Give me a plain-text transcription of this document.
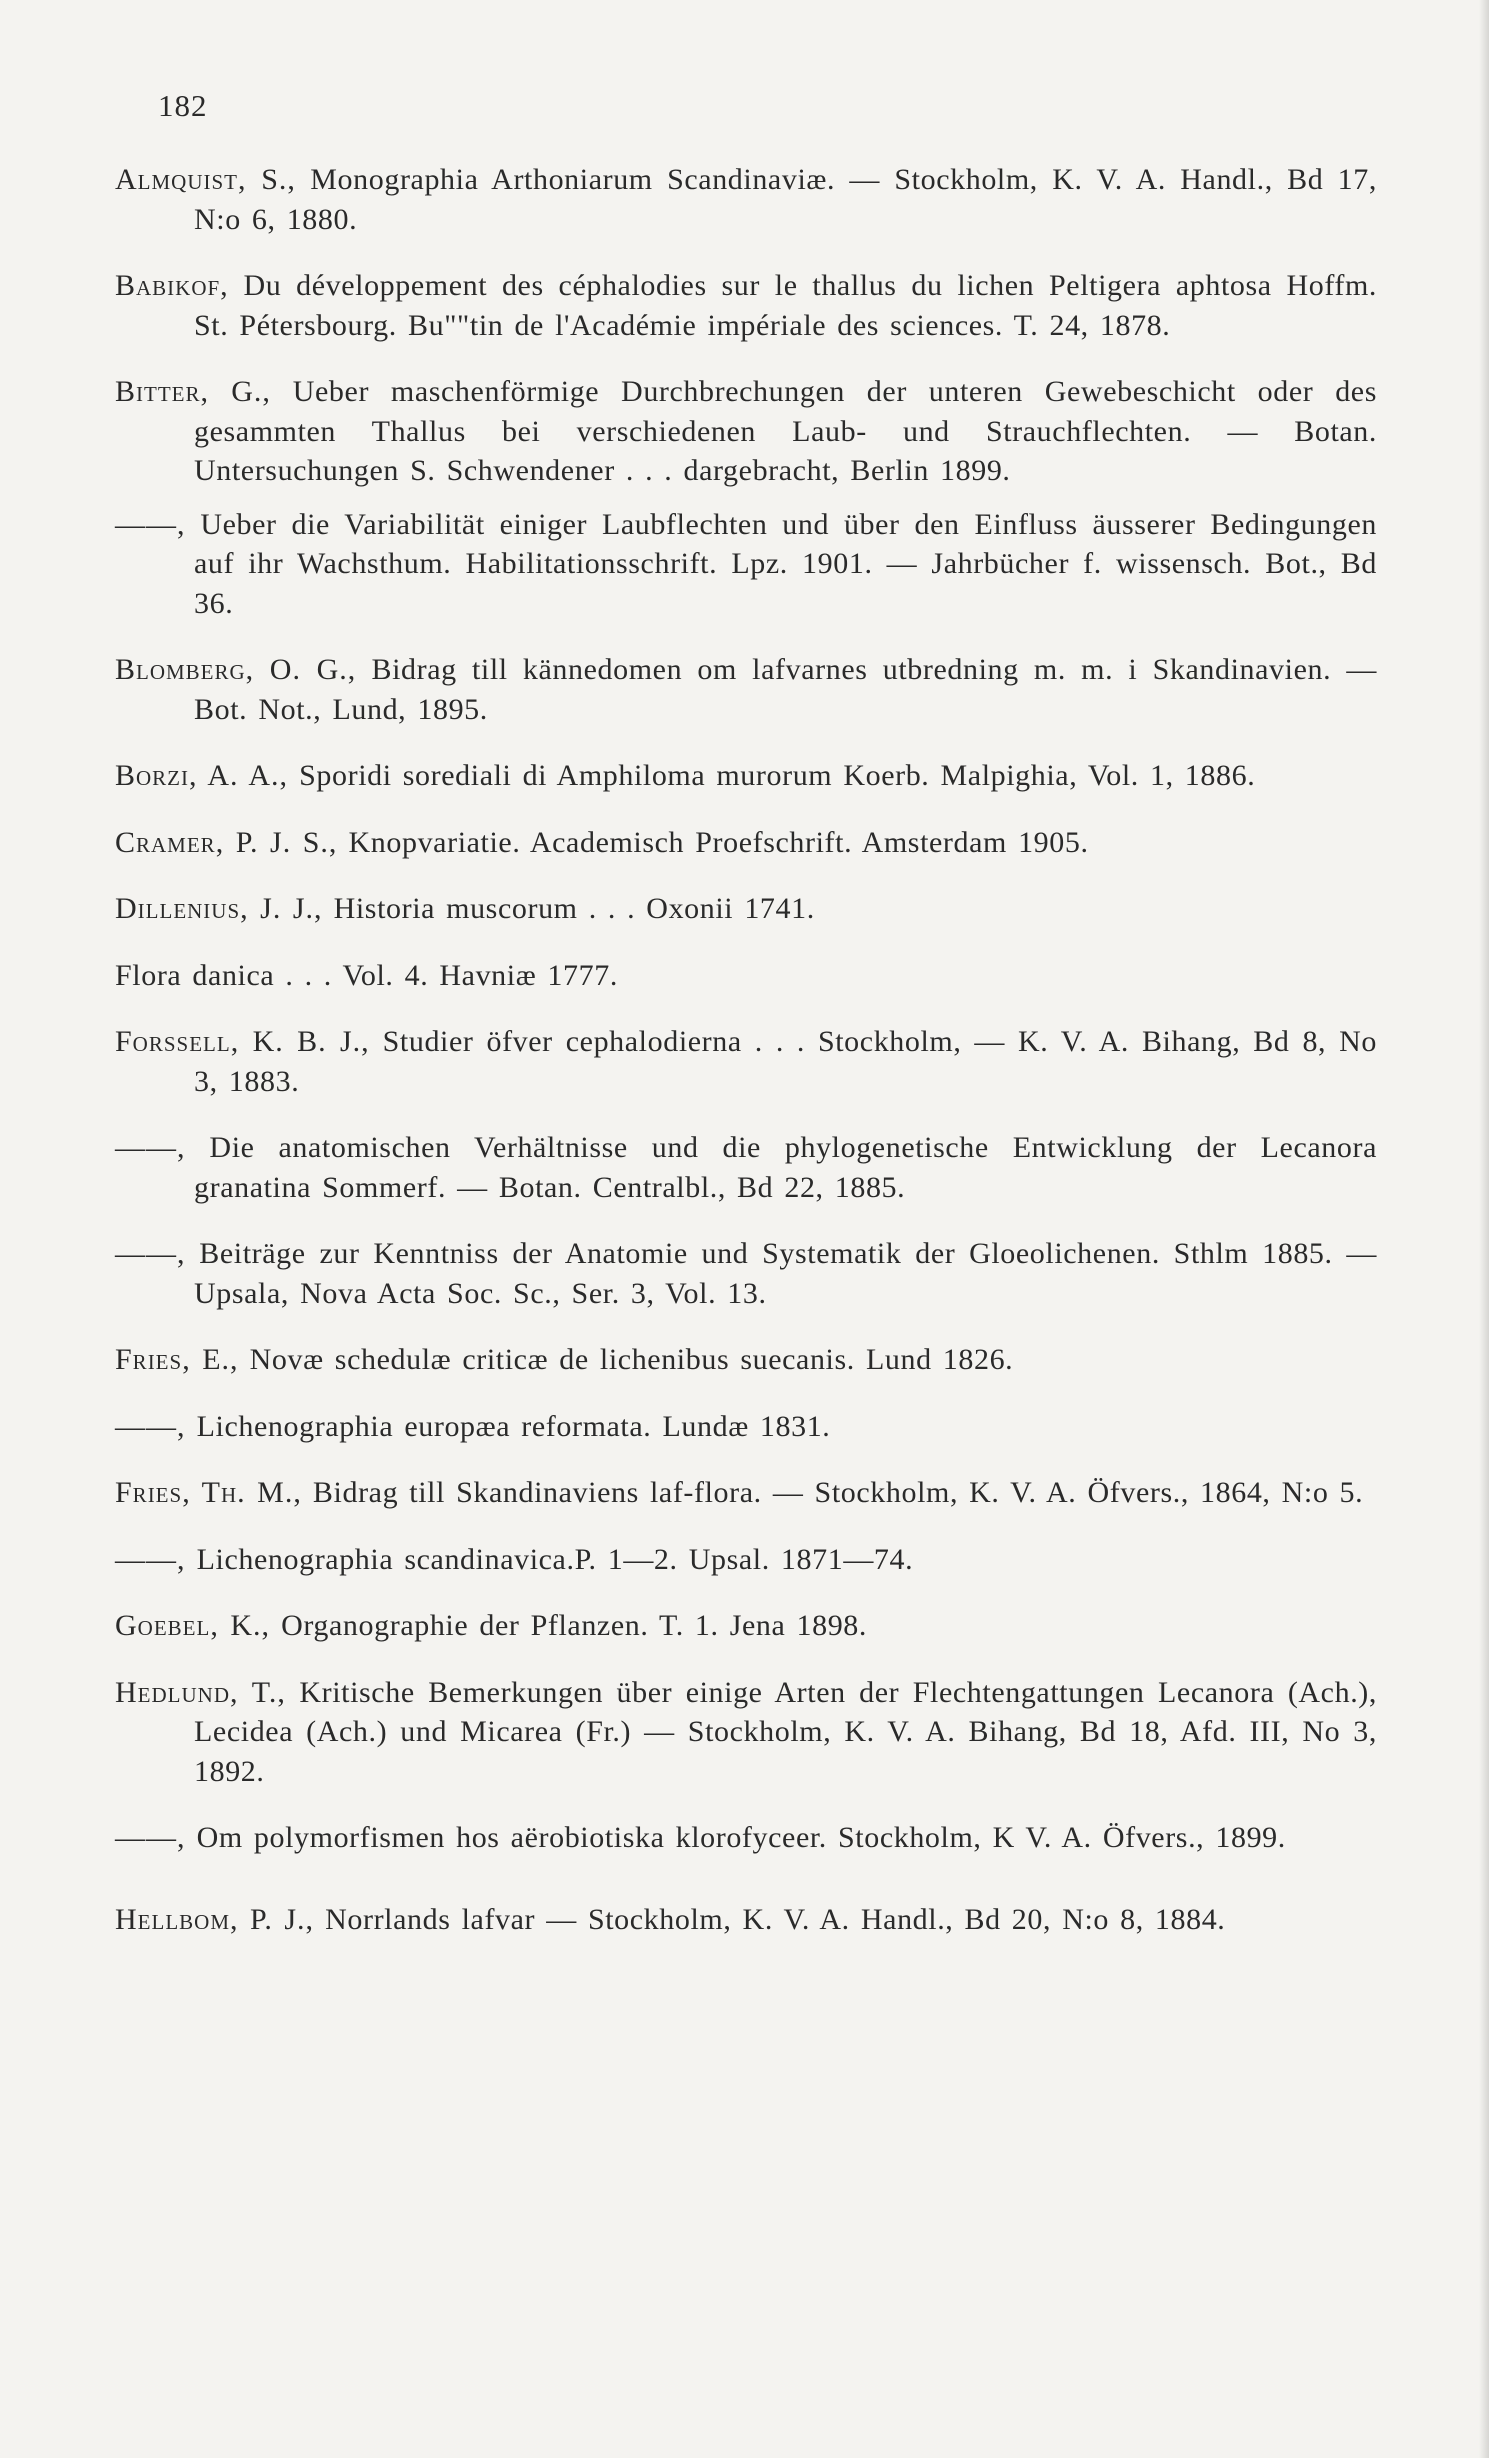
182

Almquist, S., Monographia Arthoniarum Scandinaviæ. — Stockholm, K. V. A. Handl., Bd 17, N:o 6, 1880.

Babikof, Du développement des céphalodies sur le thallus du lichen Peltigera aphtosa Hoffm. St. Pétersbourg. Bu""tin de l'Académie impériale des sciences. T. 24, 1878.

Bitter, G., Ueber maschenförmige Durchbrechungen der unteren Gewebeschicht oder des gesammten Thallus bei verschiedenen Laub- und Strauchflechten. — Botan. Untersuchungen S. Schwendener . . . dargebracht, Berlin 1899.

——, Ueber die Variabilität einiger Laubflechten und über den Einfluss äusserer Bedingungen auf ihr Wachsthum. Habilitationsschrift. Lpz. 1901. — Jahrbücher f. wissensch. Bot., Bd 36.

Blomberg, O. G., Bidrag till kännedomen om lafvarnes utbredning m. m. i Skandinavien. — Bot. Not., Lund, 1895.

Borzi, A. A., Sporidi sorediali di Amphiloma murorum Koerb. Malpighia, Vol. 1, 1886.

Cramer, P. J. S., Knopvariatie. Academisch Proefschrift. Amsterdam 1905.

Dillenius, J. J., Historia muscorum . . . Oxonii 1741.

Flora danica . . . Vol. 4. Havniæ 1777.

Forssell, K. B. J., Studier öfver cephalodierna . . . Stockholm, — K. V. A. Bihang, Bd 8, No 3, 1883.

——, Die anatomischen Verhältnisse und die phylogenetische Entwicklung der Lecanora granatina Sommerf. — Botan. Centralbl., Bd 22, 1885.

——, Beiträge zur Kenntniss der Anatomie und Systematik der Gloeolichenen. Sthlm 1885. — Upsala, Nova Acta Soc. Sc., Ser. 3, Vol. 13.

Fries, E., Novæ schedulæ criticæ de lichenibus suecanis. Lund 1826.

——, Lichenographia europæa reformata. Lundæ 1831.

Fries, Th. M., Bidrag till Skandinaviens laf-flora. — Stockholm, K. V. A. Öfvers., 1864, N:o 5.

——, Lichenographia scandinavica.P. 1—2. Upsal. 1871—74.

Goebel, K., Organographie der Pflanzen. T. 1. Jena 1898.

Hedlund, T., Kritische Bemerkungen über einige Arten der Flechtengattungen Lecanora (Ach.), Lecidea (Ach.) und Micarea (Fr.) — Stockholm, K. V. A. Bihang, Bd 18, Afd. III, No 3, 1892.

——, Om polymorfismen hos aërobiotiska klorofyceer. Stockholm, K V. A. Öfvers., 1899.

Hellbom, P. J., Norrlands lafvar — Stockholm, K. V. A. Handl., Bd 20, N:o 8, 1884.
